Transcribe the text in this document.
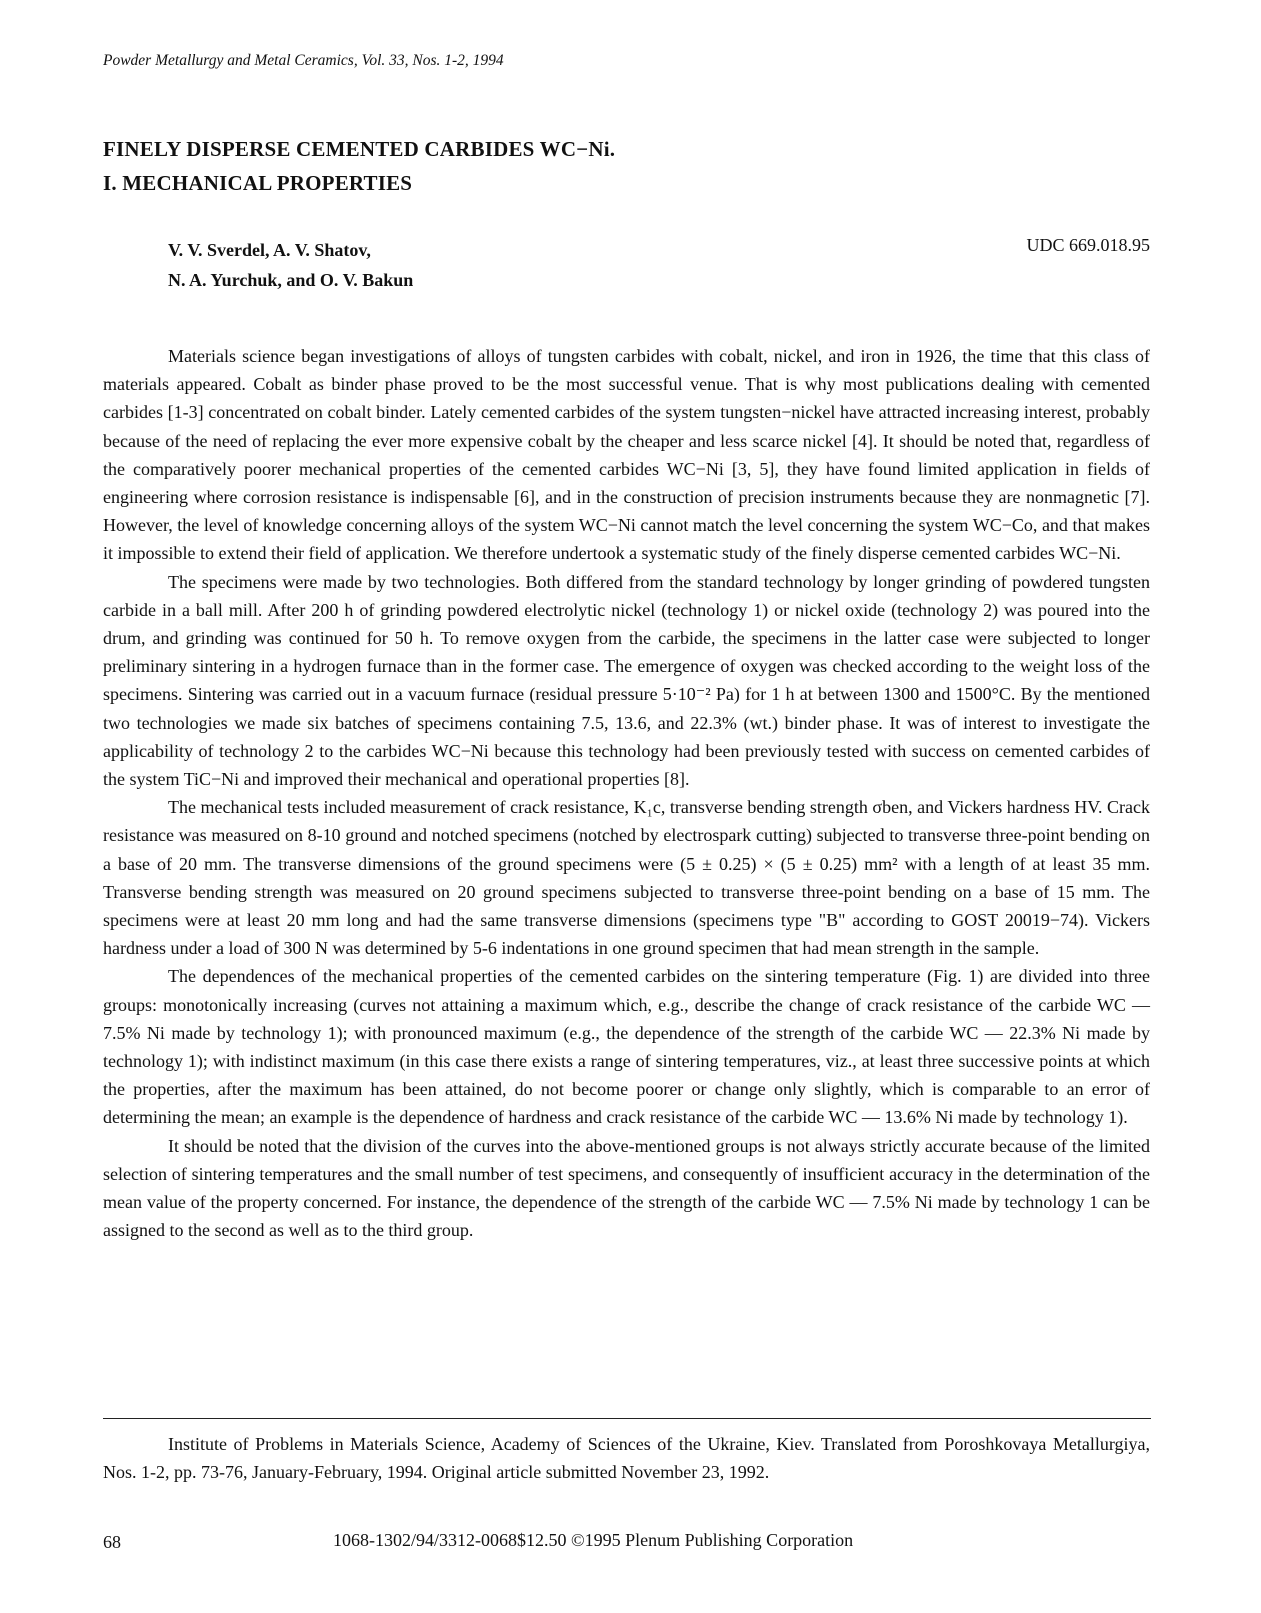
Powder Metallurgy and Metal Ceramics, Vol. 33, Nos. 1-2, 1994
FINELY DISPERSE CEMENTED CARBIDES WC−Ni.
I. MECHANICAL PROPERTIES
V. V. Sverdel, A. V. Shatov,
N. A. Yurchuk, and O. V. Bakun
UDC 669.018.95

Materials science began investigations of alloys of tungsten carbides with cobalt, nickel, and iron in 1926, the time that this class of materials appeared. Cobalt as binder phase proved to be the most successful venue. That is why most publications dealing with cemented carbides [1-3] concentrated on cobalt binder. Lately cemented carbides of the system tungsten−nickel have attracted increasing interest, probably because of the need of replacing the ever more expensive cobalt by the cheaper and less scarce nickel [4]. It should be noted that, regardless of the comparatively poorer mechanical properties of the cemented carbides WC−Ni [3, 5], they have found limited application in fields of engineering where corrosion resistance is indispensable [6], and in the construction of precision instruments because they are nonmagnetic [7]. However, the level of knowledge concerning alloys of the system WC−Ni cannot match the level concerning the system WC−Co, and that makes it impossible to extend their field of application. We therefore undertook a systematic study of the finely disperse cemented carbides WC−Ni.

The specimens were made by two technologies. Both differed from the standard technology by longer grinding of powdered tungsten carbide in a ball mill. After 200 h of grinding powdered electrolytic nickel (technology 1) or nickel oxide (technology 2) was poured into the drum, and grinding was continued for 50 h. To remove oxygen from the carbide, the specimens in the latter case were subjected to longer preliminary sintering in a hydrogen furnace than in the former case. The emergence of oxygen was checked according to the weight loss of the specimens. Sintering was carried out in a vacuum furnace (residual pressure 5·10⁻² Pa) for 1 h at between 1300 and 1500°C. By the mentioned two technologies we made six batches of specimens containing 7.5, 13.6, and 22.3% (wt.) binder phase. It was of interest to investigate the applicability of technology 2 to the carbides WC−Ni because this technology had been previously tested with success on cemented carbides of the system TiC−Ni and improved their mechanical and operational properties [8].

The mechanical tests included measurement of crack resistance, K₁c, transverse bending strength σben, and Vickers hardness HV. Crack resistance was measured on 8-10 ground and notched specimens (notched by electrospark cutting) subjected to transverse three-point bending on a base of 20 mm. The transverse dimensions of the ground specimens were (5 ± 0.25) × (5 ± 0.25) mm² with a length of at least 35 mm. Transverse bending strength was measured on 20 ground specimens subjected to transverse three-point bending on a base of 15 mm. The specimens were at least 20 mm long and had the same transverse dimensions (specimens type "B" according to GOST 20019−74). Vickers hardness under a load of 300 N was determined by 5-6 indentations in one ground specimen that had mean strength in the sample.

The dependences of the mechanical properties of the cemented carbides on the sintering temperature (Fig. 1) are divided into three groups: monotonically increasing (curves not attaining a maximum which, e.g., describe the change of crack resistance of the carbide WC — 7.5% Ni made by technology 1); with pronounced maximum (e.g., the dependence of the strength of the carbide WC — 22.3% Ni made by technology 1); with indistinct maximum (in this case there exists a range of sintering temperatures, viz., at least three successive points at which the properties, after the maximum has been attained, do not become poorer or change only slightly, which is comparable to an error of determining the mean; an example is the dependence of hardness and crack resistance of the carbide WC — 13.6% Ni made by technology 1).

It should be noted that the division of the curves into the above-mentioned groups is not always strictly accurate because of the limited selection of sintering temperatures and the small number of test specimens, and consequently of insufficient accuracy in the determination of the mean value of the property concerned. For instance, the dependence of the strength of the carbide WC — 7.5% Ni made by technology 1 can be assigned to the second as well as to the third group.

Institute of Problems in Materials Science, Academy of Sciences of the Ukraine, Kiev. Translated from Poroshkovaya Metallurgiya, Nos. 1-2, pp. 73-76, January-February, 1994. Original article submitted November 23, 1992.
68	1068-1302/94/3312-0068$12.50 ©1995 Plenum Publishing Corporation
